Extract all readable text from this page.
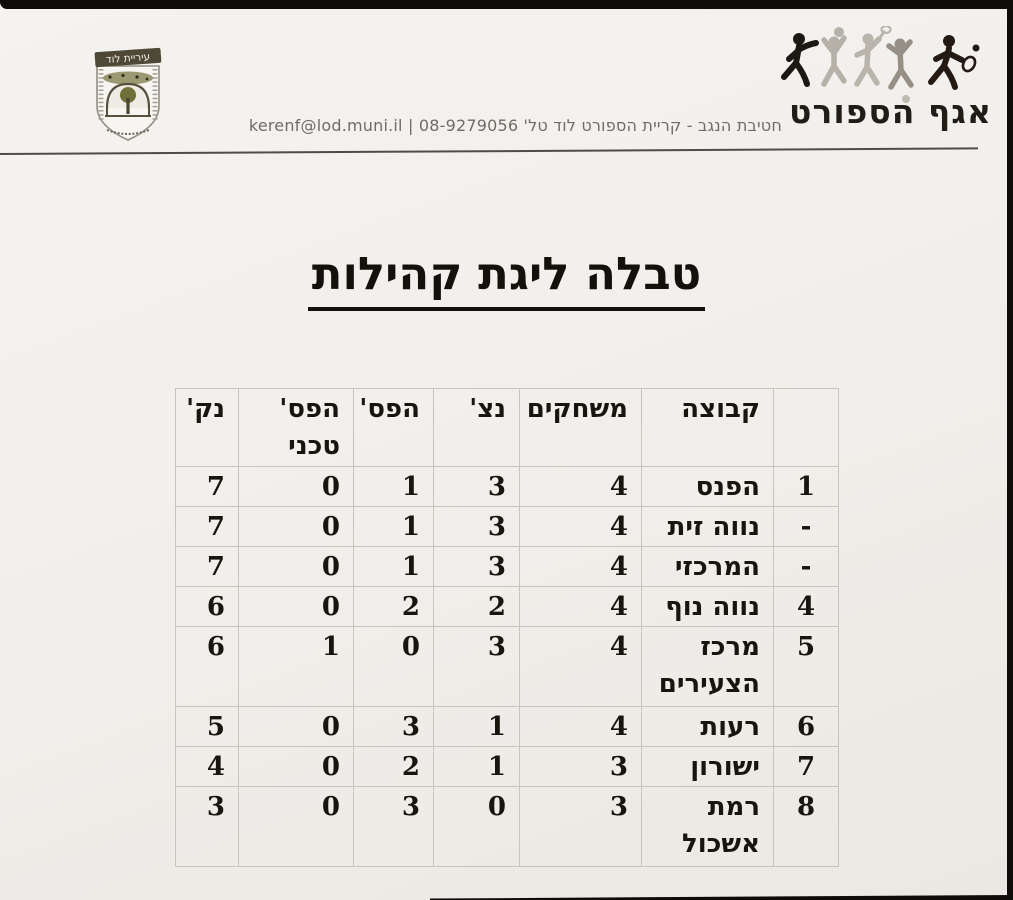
עיריית לוד
אגף הספורט
חטיבת הנגב - קריית הספורט לוד טל' 08-9279056 | kerenf@lod.muni.il
טבלה ליגת קהילות
	קבוצה	משחקים	נצ'	הפס'	הפס' טכני	נק'
1	הפנס	4	3	1	0	7
-	נווה זית	4	3	1	0	7
-	המרכזי	4	3	1	0	7
4	נווה נוף	4	2	2	0	6
5	מרכז הצעירים	4	3	0	1	6
6	רעות	4	1	3	0	5
7	ישורון	3	1	2	0	4
8	רמת אשכול	3	0	3	0	3
